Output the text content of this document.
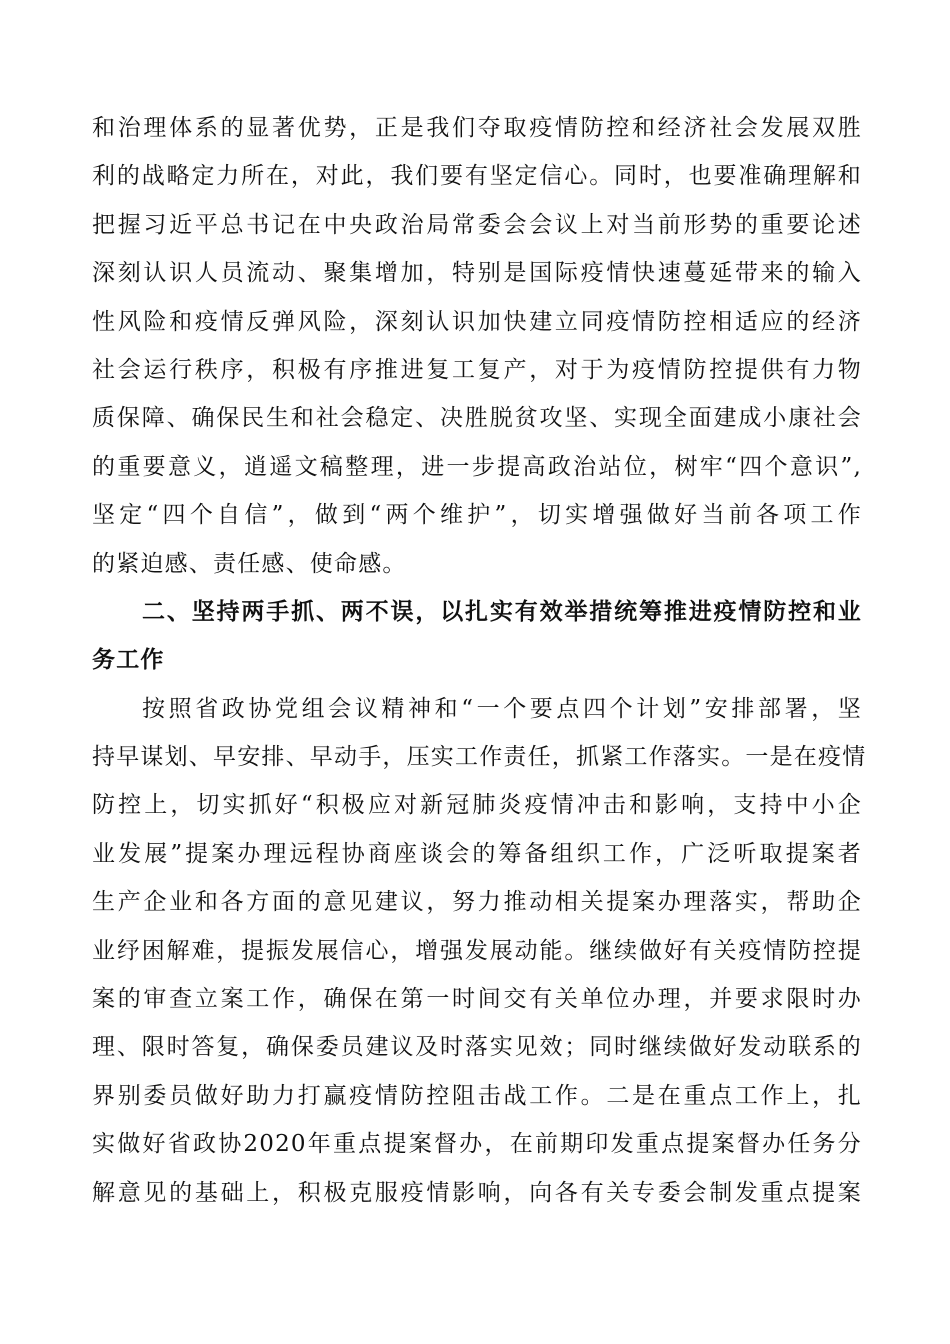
和治理体系的显著优势，正是我们夺取疫情防控和经济社会发展双胜
利的战略定力所在，对此，我们要有坚定信心。同时，也要准确理解和
把握习近平总书记在中央政治局常委会会议上对当前形势的重要论述
深刻认识人员流动、聚集增加，特别是国际疫情快速蔓延带来的输入
性风险和疫情反弹风险，深刻认识加快建立同疫情防控相适应的经济
社会运行秩序，积极有序推进复工复产，对于为疫情防控提供有力物
质保障、确保民生和社会稳定、决胜脱贫攻坚、实现全面建成小康社会
的重要意义，逍遥文稿整理，进一步提高政治站位，树牢“四个意识”,
坚定“四个自信”，做到“两个维护”，切实增强做好当前各项工作
的紧迫感、责任感、使命感。
二、坚持两手抓、两不误，以扎实有效举措统筹推进疫情防控和业
务工作
按照省政协党组会议精神和“一个要点四个计划”安排部署，坚
持早谋划、早安排、早动手，压实工作责任，抓紧工作落实。一是在疫情
防控上，切实抓好“积极应对新冠肺炎疫情冲击和影响，支持中小企
业发展”提案办理远程协商座谈会的筹备组织工作，广泛听取提案者
生产企业和各方面的意见建议，努力推动相关提案办理落实，帮助企
业纾困解难，提振发展信心，增强发展动能。继续做好有关疫情防控提
案的审查立案工作，确保在第一时间交有关单位办理，并要求限时办
理、限时答复，确保委员建议及时落实见效；同时继续做好发动联系的
界别委员做好助力打赢疫情防控阻击战工作。二是在重点工作上，扎
实做好省政协2020年重点提案督办，在前期印发重点提案督办任务分
解意见的基础上，积极克服疫情影响，向各有关专委会制发重点提案
